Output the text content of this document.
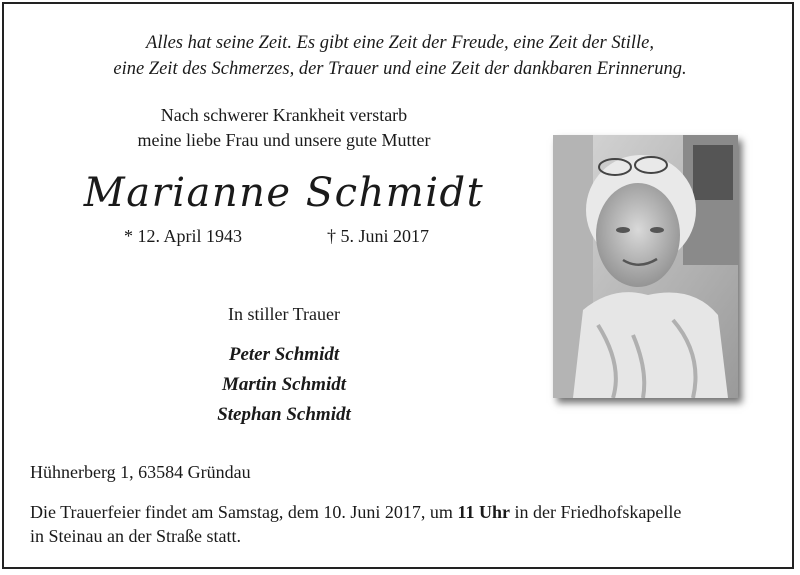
Alles hat seine Zeit. Es gibt eine Zeit der Freude, eine Zeit der Stille,
eine Zeit des Schmerzes, der Trauer und eine Zeit der dankbaren Erinnerung.
Nach schwerer Krankheit verstarb
meine liebe Frau und unsere gute Mutter
Marianne Schmidt
* 12. April 1943	† 5. Juni 2017
In stiller Trauer
Peter Schmidt
Martin Schmidt
Stephan Schmidt
Hühnerberg 1, 63584 Gründau
Die Trauerfeier findet am Samstag, dem 10. Juni 2017, um 11 Uhr in der Friedhofskapelle
in Steinau an der Straße statt.
